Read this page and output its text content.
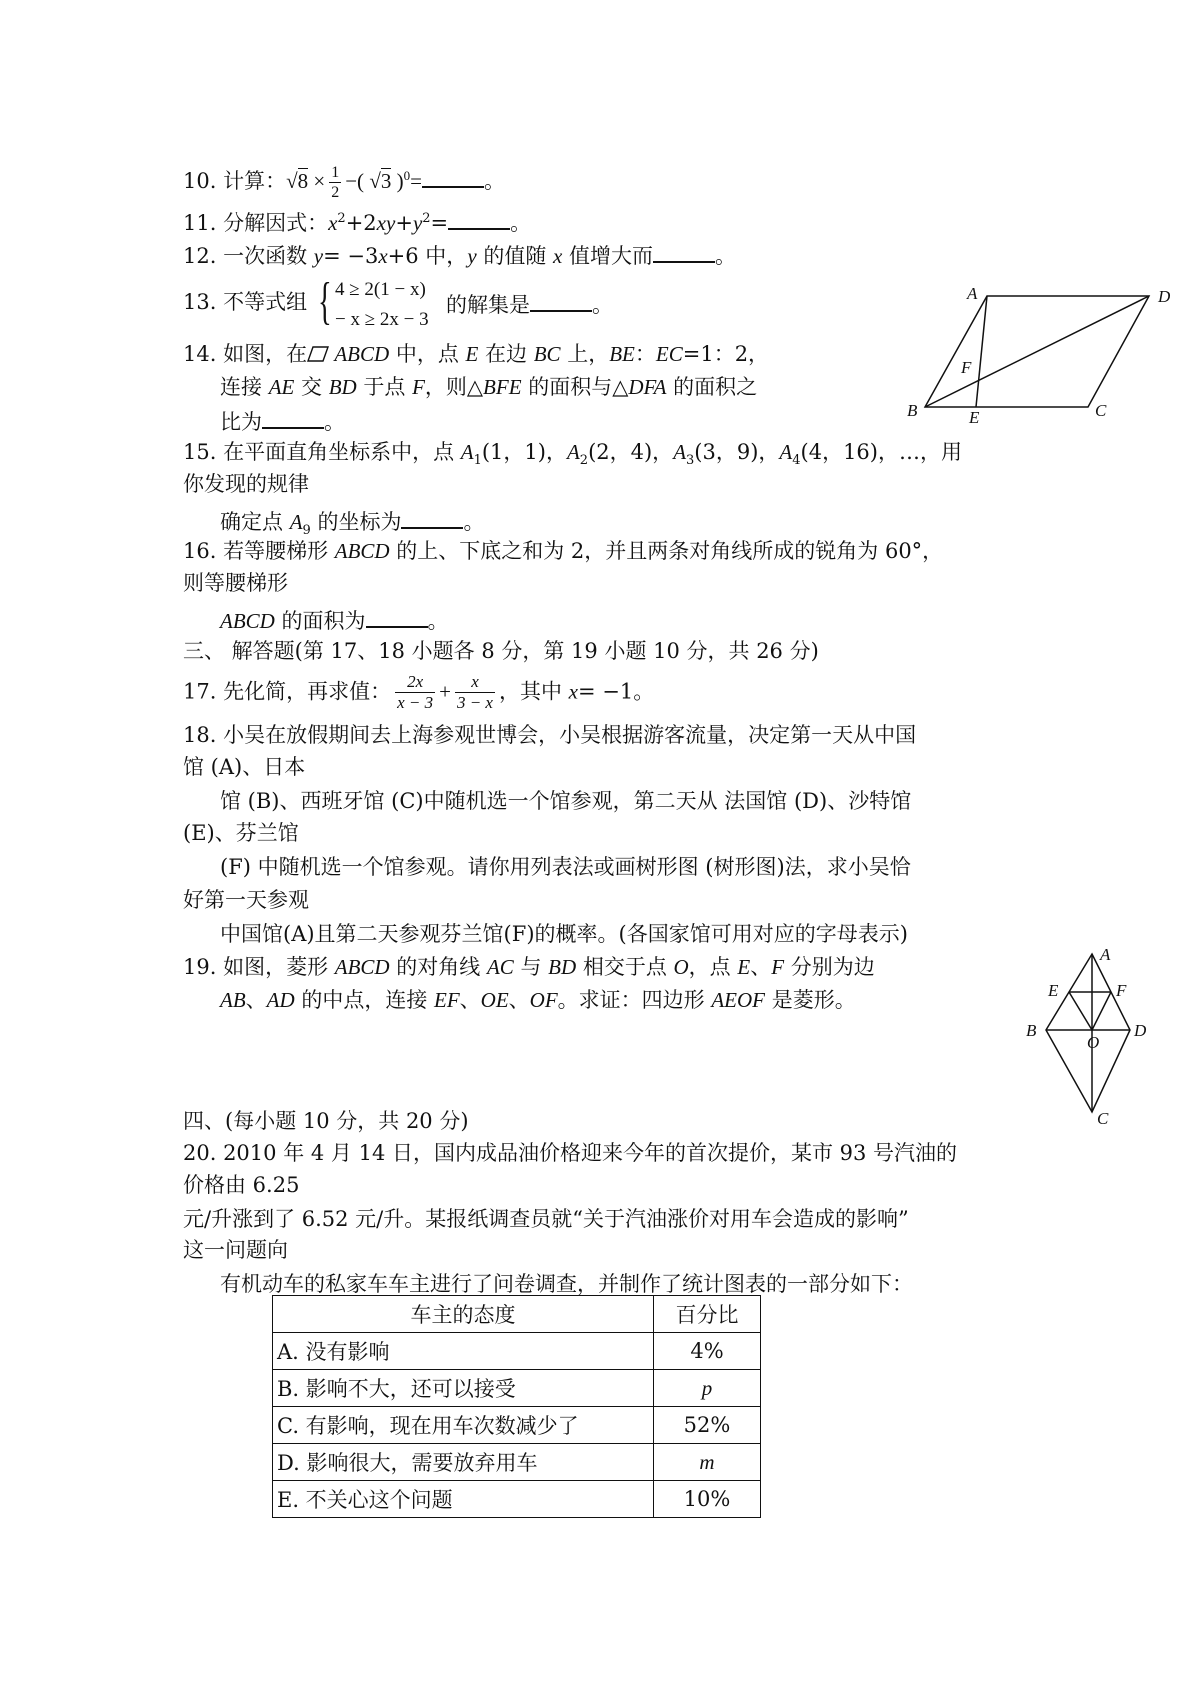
10. 计算：$√8 \times \frac{1}{2}$ −( √3 )$^0$=	。
11. 分解因式：$x^2+2xy+y^2=$	。
12. 一次函数 y= −3x+6 中，y 的值随 x 值增大而	。
13. 不等式组 { 4 ≥ 2(1 − x)
− x ≥ 2x − 3
的解集是	。
14. 如图，在 ABCD 中，点 E 在边 BC 上，BE：EC=1：2，
连接 AE 交 BD 于点 F，则△BFE 的面积与△DFA 的面积之
比为	。
A	D
F
B	E	C
15. 在平面直角坐标系中，点 $A_1(1$，1)，$A_2(2$，4)，$A_3(3$，9)，$A_4(4$，16)，…，用
你发现的规律
确定点 $A_9$ 的坐标为	。
16. 若等腰梯形 ABCD 的上、下底之和为 2，并且两条对角线所成的锐角为 60°，
则等腰梯形
ABCD 的面积为	。
三、 解答题(第 17、18 小题各 8 分，第 19 小题 10 分，共 26 分)
17. 先化简，再求值： $\frac{2x}{x - 3} + \frac{x}{3 - x}$ ，其中 x= −1。
18. 小吴在放假期间去上海参观世博会，小吴根据游客流量，决定第一天从中国
馆 (A)、日本
馆 (B)、西班牙馆 (C)中随机选一个馆参观，第二天从 法国馆 (D)、沙特馆
(E)、芬兰馆
(F) 中随机选一个馆参观。请你用列表法或画树形图 (树形图)法，求小吴恰
好第一天参观
中国馆(A)且第二天参观芬兰馆(F)的概率。(各国家馆可用对应的字母表示)
19. 如图，菱形 ABCD 的对角线 AC 与 BD 相交于点 O，点 E、F 分别为边
AB、AD 的中点，连接 EF、OE、OF。求证：四边形 AEOF 是菱形。
A
E	F
B
O
D
C
四、(每小题 10 分，共 20 分)
20. 2010 年 4 月 14 日，国内成品油价格迎来今年的首次提价，某市 93 号汽油的
价格由 6.25
元/升涨到了 6.52 元/升。某报纸调查员就“关于汽油涨价对用车会造成的影响”
这一问题向
有机动车的私家车车主进行了问卷调查，并制作了统计图表的一部分如下：
车主的态度	百分比
A. 没有影响	4%
B. 影响不大，还可以接受	p
C. 有影响，现在用车次数减少了	52%
D. 影响很大，需要放弃用车	m
E. 不关心这个问题	10%
